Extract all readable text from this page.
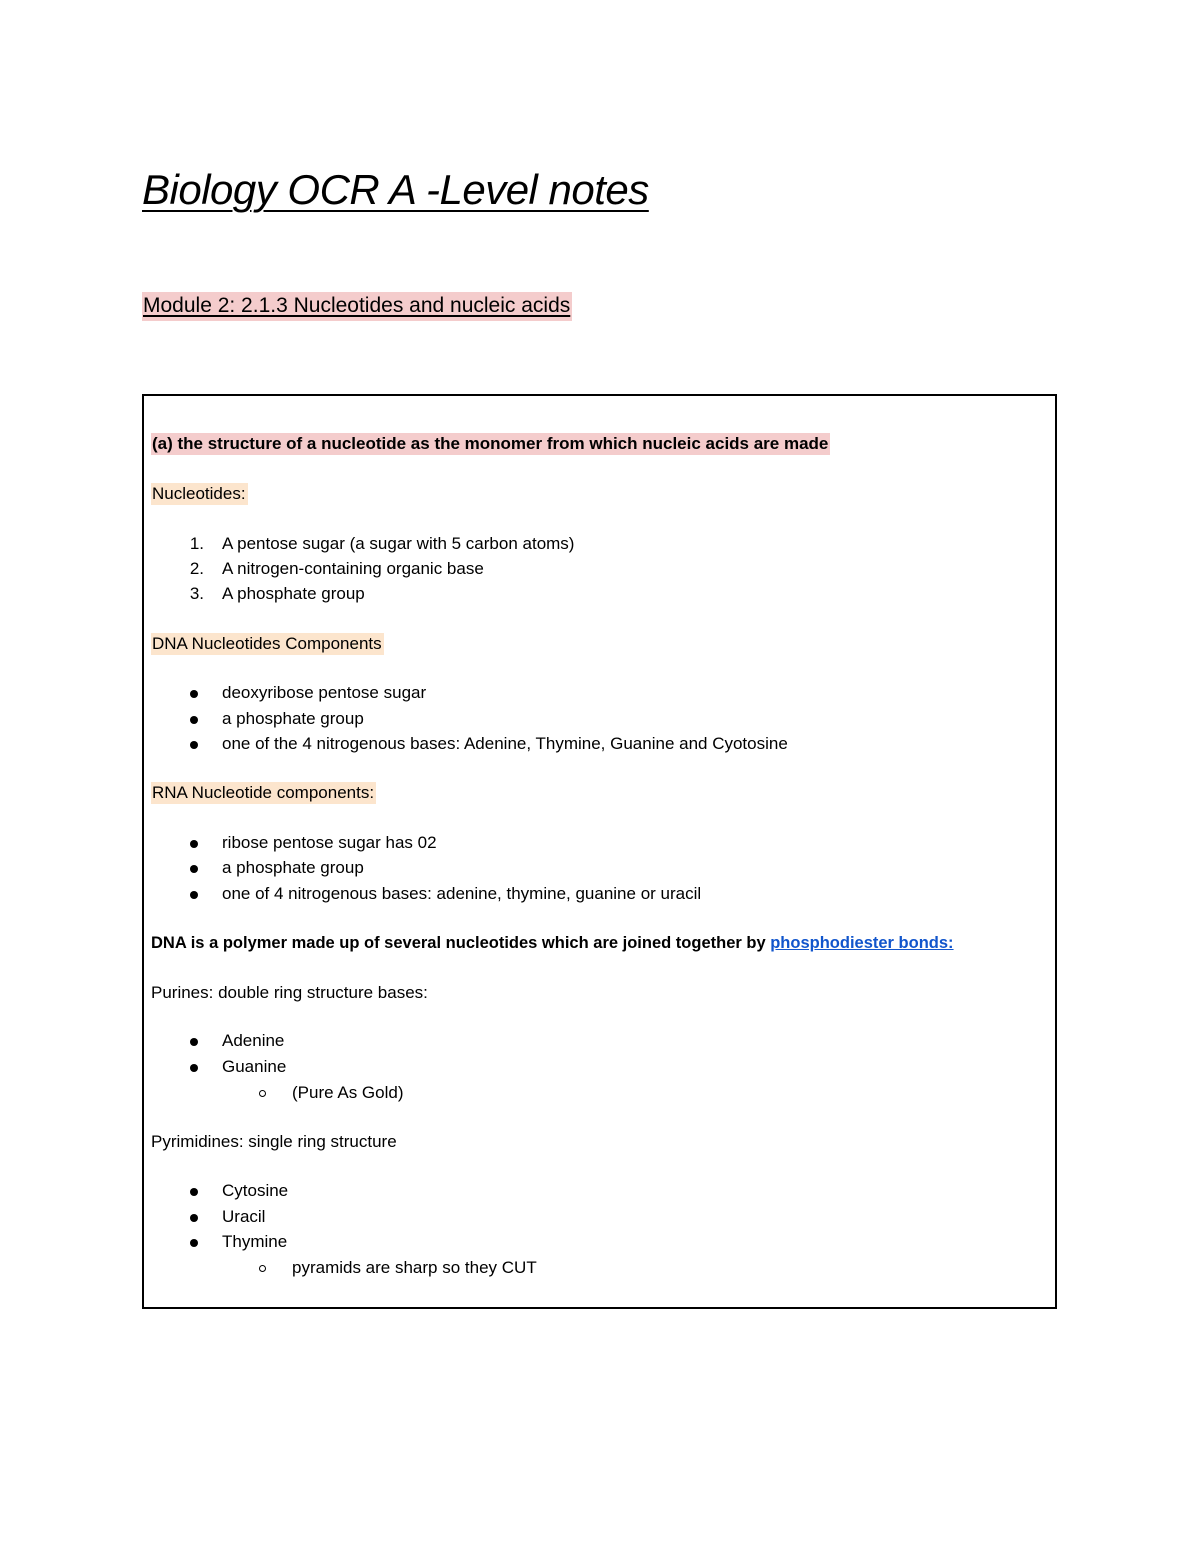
Biology OCR A -Level notes
Module 2: 2.1.3 Nucleotides and nucleic acids
(a) the structure of a nucleotide as the monomer from which nucleic acids are made
Nucleotides:
1. A pentose sugar (a sugar with 5 carbon atoms)
2. A nitrogen-containing organic base
3. A phosphate group
DNA Nucleotides Components
deoxyribose pentose sugar
a phosphate group
one of the 4 nitrogenous bases: Adenine, Thymine, Guanine and Cyotosine
RNA Nucleotide components:
ribose pentose sugar has 02
a phosphate group
one of 4 nitrogenous bases: adenine, thymine, guanine or uracil
DNA is a polymer made up of several nucleotides which are joined together by phosphodiester bonds:
Purines: double ring structure bases:
Adenine
Guanine
(Pure As Gold)
Pyrimidines: single ring structure
Cytosine
Uracil
Thymine
pyramids are sharp so they CUT
